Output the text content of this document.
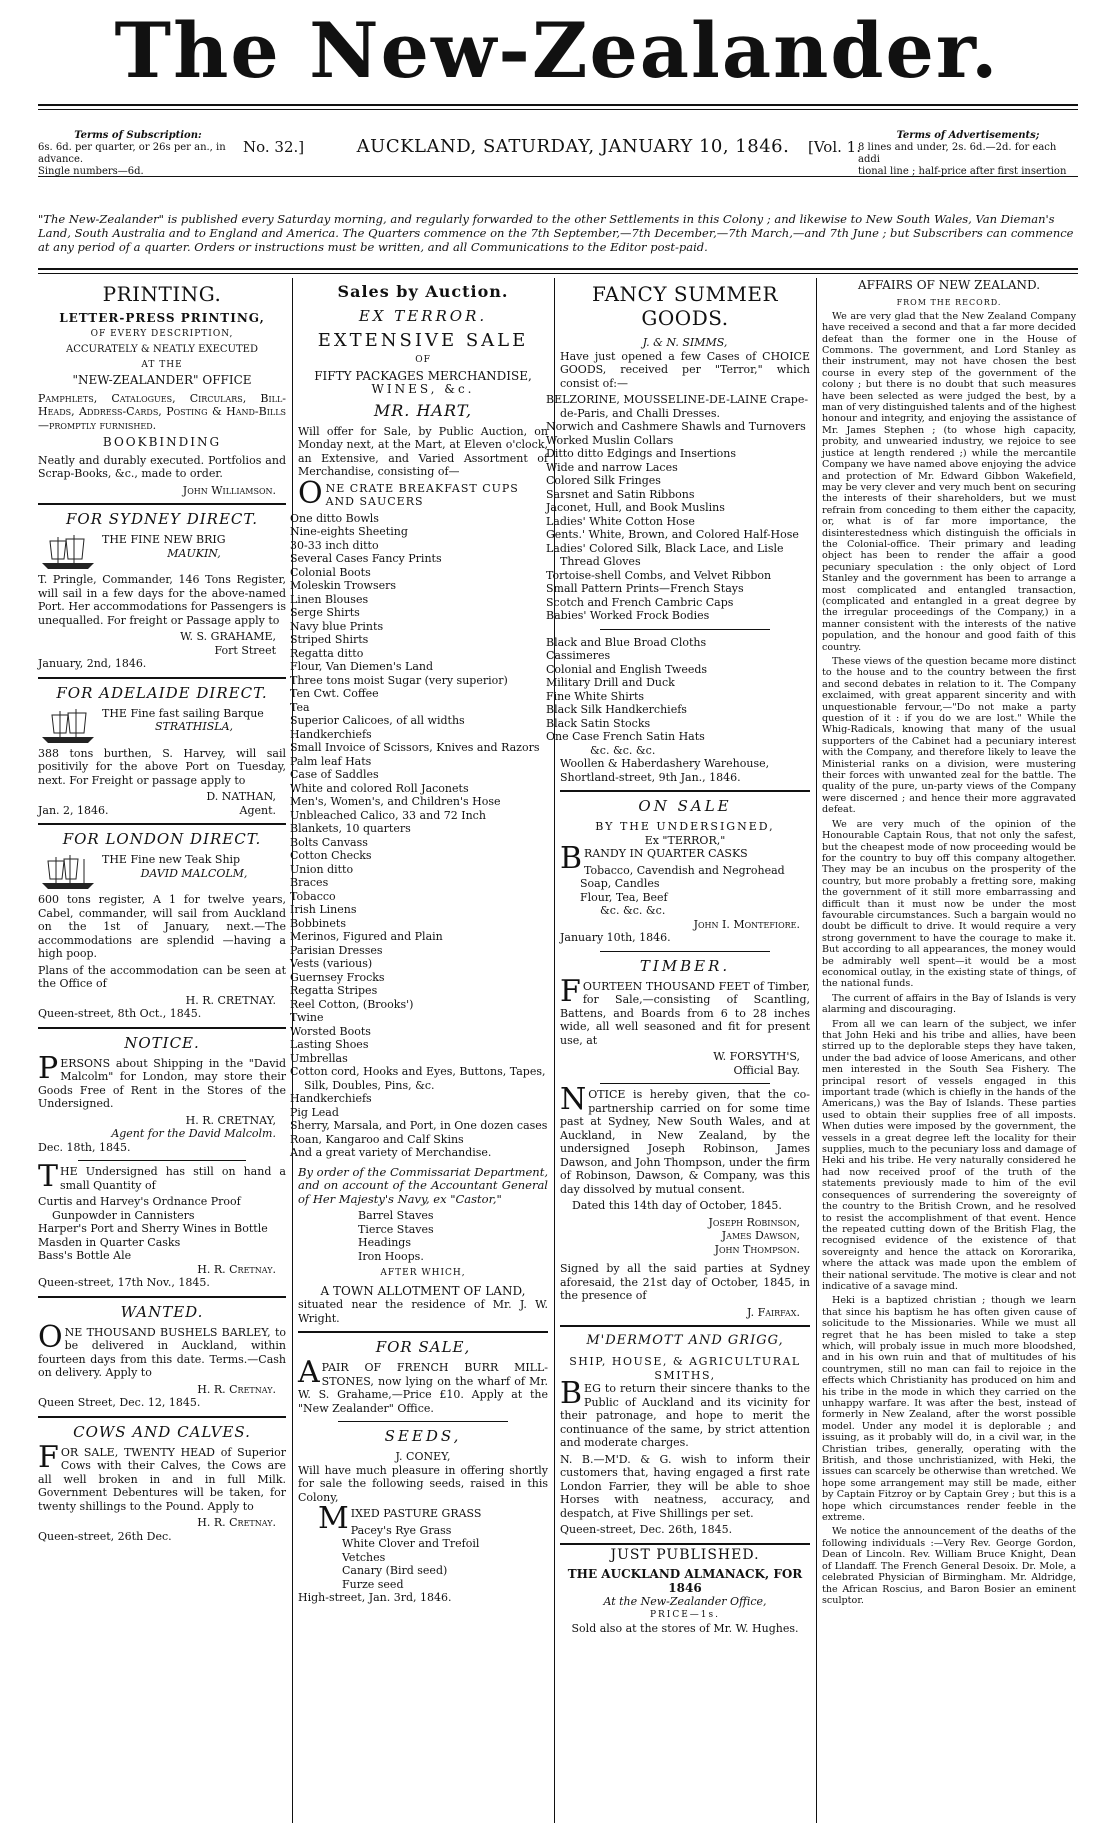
The New-Zealander.
Terms of Subscription:
6s. 6d. per quarter, or 26s per an., in advance.
Single numbers—6d.
No. 32.]	AUCKLAND, SATURDAY, JANUARY 10, 1846.	[Vol. 1.
Terms of Advertisements;
8 lines and under, 2s. 6d.—2d. for each addi
tional line ; half-price after first insertion
"The New-Zealander" is published every Saturday morning, and regularly forwarded to the other Settlements in this Colony ; and likewise to New South Wales, Van Dieman's Land, South Australia and to England and America. The Quarters commence on the 7th September,—7th December,—7th March,—and 7th June ; but Subscribers can commence at any period of a quarter. Orders or instructions must be written, and all Communications to the Editor post-paid.
PRINTING.
LETTER-PRESS PRINTING,
OF EVERY DESCRIPTION,
ACCURATELY & NEATLY EXECUTED
AT THE
"NEW-ZEALANDER" OFFICE

Pamphlets, Catalogues, Circulars, Bill-Heads, Address-Cards, Posting & Hand-Bills—promptly furnished.

BOOKBINDING

Neatly and durably executed. Portfolios and Scrap-Books, &c., made to order.

John Williamson.
FOR SYDNEY DIRECT.
THE FINE NEW BRIG
MAUKIN,

T. Pringle, Commander, 146 Tons Register, will sail in a few days for the above-named Port. Her accommodations for Passengers is unequalled. For freight or Passage apply to

W. S. GRAHAME,
Fort Street
January, 2nd, 1846.
FOR ADELAIDE DIRECT.
THE Fine fast sailing Barque
STRATHISLA,

388 tons burthen, S. Harvey, will sail positivily for the above Port on Tuesday, next. For Freight or passage apply to

D. NATHAN,
Jan. 2, 1846.	Agent.
FOR LONDON DIRECT.
THE Fine new Teak Ship
DAVID MALCOLM,

600 tons register, A 1 for twelve years, Cabel, commander, will sail from Auckland on the 1st of January, next.—The accommodations are splendid —having a high poop.

Plans of the accommodation can be seen at the Office of

H. R. CRETNAY.
Queen-street, 8th Oct., 1845.
NOTICE.

PERSONS about Shipping in the "David Malcolm" for London, may store their Goods Free of Rent in the Stores of the Undersigned.

H. R. CRETNAY,
Agent for the David Malcolm.
Dec. 18th, 1845.

THE Undersigned has still on hand a small Quantity of

Curtis and Harvey's Ordnance Proof Gunpowder in Cannisters
Harper's Port and Sherry Wines in Bottle
Masden in Quarter Casks
Bass's Bottle Ale
H. R. Cretnay.
Queen-street, 17th Nov., 1845.
WANTED.

ONE THOUSAND BUSHELS BARLEY, to be delivered in Auckland, within fourteen days from this date. Terms.—Cash on delivery. Apply to

H. R. Cretnay.
Queen Street, Dec. 12, 1845.
COWS AND CALVES.

FOR SALE, TWENTY HEAD of Superior Cows with their Calves, the Cows are all well broken in and in full Milk. Government Debentures will be taken, for twenty shillings to the Pound. Apply to

H. R. Cretnay.
Queen-street, 26th Dec.
Sales by Auction.
EX TERROR.
EXTENSIVE SALE
OF
FIFTY PACKAGES MERCHANDISE,
WINES, &c.
MR. HART,

Will offer for Sale, by Public Auction, on Monday next, at the Mart, at Eleven o'clock, an Extensive, and Varied Assortment of Merchandise, consisting of—

ONE CRATE BREAKFAST CUPS AND SAUCERS

One ditto Bowls
Nine-eights Sheeting
30-33 inch ditto
Several Cases Fancy Prints
Colonial Boots
Moleskin Trowsers
Linen Blouses
Serge Shirts
Navy blue Prints
Striped Shirts
Regatta ditto
Flour, Van Diemen's Land
Three tons moist Sugar (very superior)
Ten Cwt. Coffee
Tea
Superior Calicoes, of all widths
Handkerchiefs
Small Invoice of Scissors, Knives and Razors
Palm leaf Hats
Case of Saddles
White and colored Roll Jaconets
Men's, Women's, and Children's Hose
Unbleached Calico, 33 and 72 Inch
Blankets, 10 quarters
Bolts Canvass
Cotton Checks
Union ditto
Braces
Tobacco
Irish Linens
Bobbinets
Merinos, Figured and Plain
Parisian Dresses
Vests (various)
Guernsey Frocks
Regatta Stripes
Reel Cotton, (Brooks')
Twine
Worsted Boots
Lasting Shoes
Umbrellas
Cotton cord, Hooks and Eyes, Buttons, Tapes, Silk, Doubles, Pins, &c.
Handkerchiefs
Pig Lead
Sherry, Marsala, and Port, in One dozen cases
Roan, Kangaroo and Calf Skins
And a great variety of Merchandise.

By order of the Commissariat Department, and on account of the Accountant General of Her Majesty's Navy, ex "Castor,"

Barrel Staves
Tierce Staves
Headings
Iron Hoops.
AFTER WHICH,
A TOWN ALLOTMENT OF LAND,

situated near the residence of Mr. J. W. Wright.

FOR SALE,

APAIR OF FRENCH BURR MILL-STONES, now lying on the wharf of Mr. W. S. Grahame,—Price £10. Apply at the "New Zealander" Office.

SEEDS,
J. CONEY,

Will have much pleasure in offering shortly for sale the following seeds, raised in this Colony,

MIXED PASTURE GRASS

Pacey's Rye Grass
White Clover and Trefoil
Vetches
Canary (Bird seed)
Furze seed
High-street, Jan. 3rd, 1846.
FANCY SUMMER GOODS.
J. & N. SIMMS,

Have just opened a few Cases of CHOICE GOODS, received per "Terror," which consist of:—

BELZORINE, MOUSSELINE-DE-LAINE Crape-de-Paris, and Challi Dresses.
Norwich and Cashmere Shawls and Turnovers
Worked Muslin Collars
Ditto ditto Edgings and Insertions
Wide and narrow Laces
Colored Silk Fringes
Sarsnet and Satin Ribbons
Jaconet, Hull, and Book Muslins
Ladies' White Cotton Hose
Gents.' White, Brown, and Colored Half-Hose
Ladies' Colored Silk, Black Lace, and Lisle Thread Gloves
Tortoise-shell Combs, and Velvet Ribbon
Small Pattern Prints—French Stays
Scotch and French Cambric Caps
Babies' Worked Frock Bodies
Black and Blue Broad Cloths
Cassimeres
Colonial and English Tweeds
Military Drill and Duck
Fine White Shirts
Black Silk Handkerchiefs
Black Satin Stocks
One Case French Satin Hats
&c. &c. &c.

Woollen & Haberdashery Warehouse, Shortland-street, 9th Jan., 1846.

ON SALE
BY THE UNDERSIGNED,
Ex "TERROR,"

BRANDY IN QUARTER CASKS

Tobacco, Cavendish and Negrohead
Soap, Candles
Flour, Tea, Beef
&c. &c. &c.
John I. Montefiore.
January 10th, 1846.
TIMBER.

FOURTEEN THOUSAND FEET of Timber, for Sale,—consisting of Scantling, Battens, and Boards from 6 to 28 inches wide, all well seasoned and fit for present use, at

W. FORSYTH'S,
Official Bay.

NOTICE is hereby given, that the co-partnership carried on for some time past at Sydney, New South Wales, and at Auckland, in New Zealand, by the undersigned Joseph Robinson, James Dawson, and John Thompson, under the firm of Robinson, Dawson, & Company, was this day dissolved by mutual consent.

Dated this 14th day of October, 1845.

Joseph Robinson,
James Dawson,
John Thompson.

Signed by all the said parties at Sydney aforesaid, the 21st day of October, 1845, in the presence of

J. Fairfax.
M'DERMOTT AND GRIGG,
SHIP, HOUSE, & AGRICULTURAL SMITHS,

BEG to return their sincere thanks to the Public of Auckland and its vicinity for their patronage, and hope to merit the continuance of the same, by strict attention and moderate charges.

N. B.—M'D. & G. wish to inform their customers that, having engaged a first rate London Farrier, they will be able to shoe Horses with neatness, accuracy, and despatch, at Five Shillings per set.

Queen-street, Dec. 26th, 1845.
JUST PUBLISHED.
THE AUCKLAND ALMANACK, FOR 1846
At the New-Zealander Office,
PRICE—1s.
Sold also at the stores of Mr. W. Hughes.
AFFAIRS OF NEW ZEALAND.
FROM THE RECORD.

We are very glad that the New Zealand Company have received a second and that a far more decided defeat than the former one in the House of Commons. The government, and Lord Stanley as their instrument, may not have chosen the best course in every step of the government of the colony ; but there is no doubt that such measures have been selected as were judged the best, by a man of very distinguished talents and of the highest honour and integrity, and enjoying the assistance of Mr. James Stephen ; (to whose high capacity, probity, and unwearied industry, we rejoice to see justice at length rendered ;) while the mercantile Company we have named above enjoying the advice and protection of Mr. Edward Gibbon Wakefield, may be very clever and very much bent on securing the interests of their shareholders, but we must refrain from conceding to them either the capacity, or, what is of far more importance, the disinterestedness which distinguish the officials in the Colonial-office. Their primary and leading object has been to render the affair a good pecuniary speculation : the only object of Lord Stanley and the government has been to arrange a most complicated and entangled transaction, (complicated and entangled in a great degree by the irregular proceedings of the Company,) in a manner consistent with the interests of the native population, and the honour and good faith of this country.

These views of the question became more distinct to the house and to the country between the first and second debates in relation to it. The Company exclaimed, with great apparent sincerity and with unquestionable fervour,—"Do not make a party question of it : if you do we are lost." While the Whig-Radicals, knowing that many of the usual supporters of the Cabinet had a pecuniary interest with the Company, and therefore likely to leave the Ministerial ranks on a division, were mustering their forces with unwanted zeal for the battle. The quality of the pure, un-party views of the Company were discerned ; and hence their more aggravated defeat.

We are very much of the opinion of the Honourable Captain Rous, that not only the safest, but the cheapest mode of now proceeding would be for the country to buy off this company altogether. They may be an incubus on the prosperity of the country, but more probably a fretting sore, making the government of it still more embarrassing and difficult than it must now be under the most favourable circumstances. Such a bargain would no doubt be difficult to drive. It would require a very strong government to have the courage to make it. But according to all appearances, the money would be admirably well spent—it would be a most economical outlay, in the existing state of things, of the national funds.

The current of affairs in the Bay of Islands is very alarming and discouraging.

From all we can learn of the subject, we infer that John Heki and his tribe and allies, have been stirred up to the deplorable steps they have taken, under the bad advice of loose Americans, and other men interested in the South Sea Fishery. The principal resort of vessels engaged in this important trade (which is chiefly in the hands of the Americans,) was the Bay of Islands. These parties used to obtain their supplies free of all imposts. When duties were imposed by the government, the vessels in a great degree left the locality for their supplies, much to the pecuniary loss and damage of Heki and his tribe. He very naturally considered he had now received proof of the truth of the statements previously made to him of the evil consequences of surrendering the sovereignty of the country to the British Crown, and he resolved to resist the accomplishment of that event. Hence the repeated cutting down of the British Flag, the recognised evidence of the existence of that sovereignty and hence the attack on Kororarika, where the attack was made upon the emblem of their national servitude. The motive is clear and not indicative of a savage mind.

Heki is a baptized christian ; though we learn that since his baptism he has often given cause of solicitude to the Missionaries. While we must all regret that he has been misled to take a step which, will probaly issue in much more bloodshed, and in his own ruin and that of multitudes of his countrymen, still no man can fail to rejoice in the effects which Christianity has produced on him and his tribe in the mode in which they carried on the unhappy warfare. It was after the best, instead of formerly in New Zealand, after the worst possible model. Under any model it is deplorable ; and issuing, as it probably will do, in a civil war, in the Christian tribes, generally, operating with the British, and those unchristianized, with Heki, the issues can scarcely be otherwise than wretched. We hope some arrangement may still be made, either by Captain Fitzroy or by Captain Grey ; but this is a hope which circumstances render feeble in the extreme.

We notice the announcement of the deaths of the following individuals :—Very Rev. George Gordon, Dean of Lincoln. Rev. William Bruce Knight, Dean of Llandaff. The French General Desoix. Dr. Mole, a celebrated Physician of Birmingham. Mr. Aldridge, the African Roscius, and Baron Bosier an eminent sculptor.
